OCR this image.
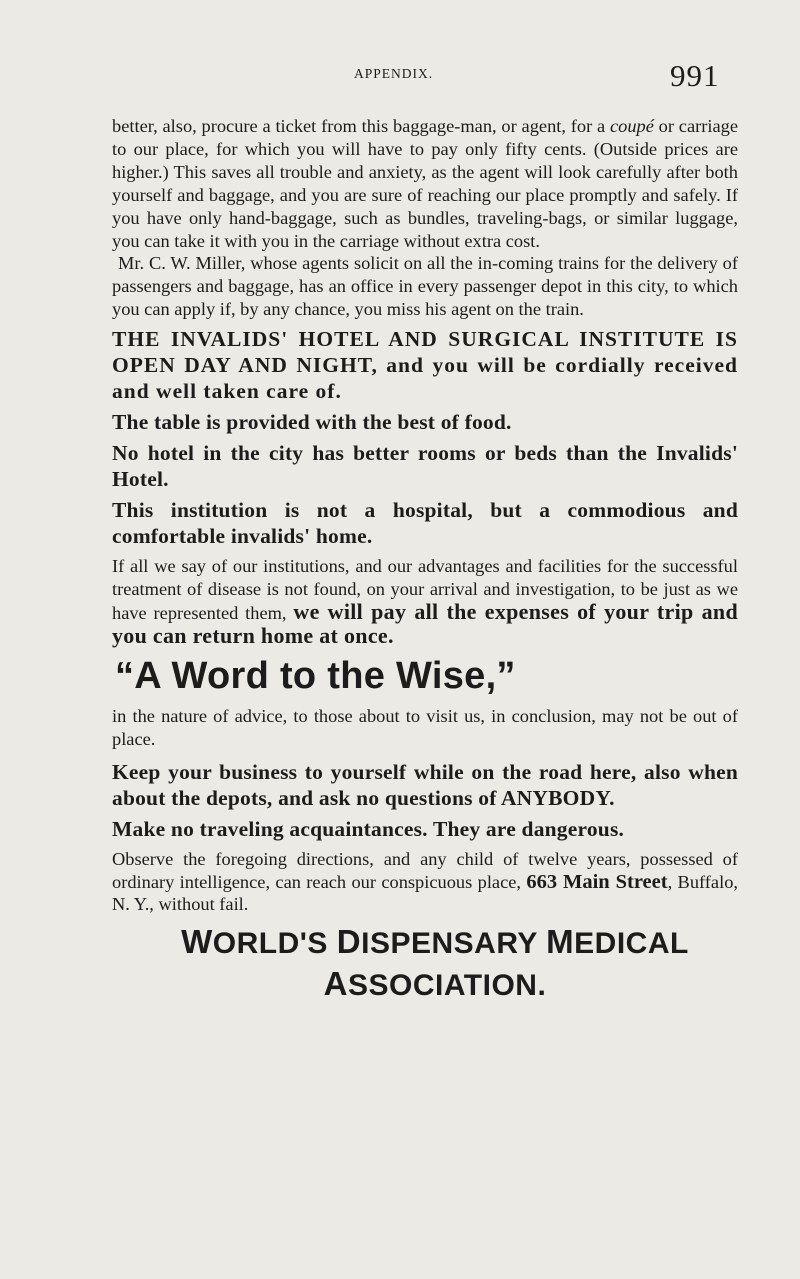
APPENDIX.	991

better, also, procure a ticket from this baggage-man, or agent, for a coupé or carriage to our place, for which you will have to pay only fifty cents. (Outside prices are higher.) This saves all trouble and anxiety, as the agent will look carefully after both yourself and baggage, and you are sure of reaching our place promptly and safely. If you have only hand-baggage, such as bundles, traveling-bags, or similar luggage, you can take it with you in the carriage without extra cost.

Mr. C. W. Miller, whose agents solicit on all the in-coming trains for the delivery of passengers and baggage, has an office in every passenger depot in this city, to which you can apply if, by any chance, you miss his agent on the train.

THE INVALIDS' HOTEL AND SURGICAL INSTITUTE IS OPEN DAY AND NIGHT, and you will be cordially received and well taken care of.

The table is provided with the best of food.

No hotel in the city has better rooms or beds than the Invalids' Hotel.

This institution is not a hospital, but a commodious and comfortable invalids' home.

If all we say of our institutions, and our advantages and facilities for the successful treatment of disease is not found, on your arrival and investigation, to be just as we have represented them, we will pay all the expenses of your trip and you can return home at once.

“A Word to the Wise,”

in the nature of advice, to those about to visit us, in conclusion, may not be out of place.

Keep your business to yourself while on the road here, also when about the depots, and ask no questions of ANYBODY.

Make no traveling acquaintances. They are dangerous.

Observe the foregoing directions, and any child of twelve years, possessed of ordinary intelligence, can reach our conspicuous place, 663 Main Street, Buffalo, N. Y., without fail.

WORLD'S DISPENSARY MEDICAL ASSOCIATION.
